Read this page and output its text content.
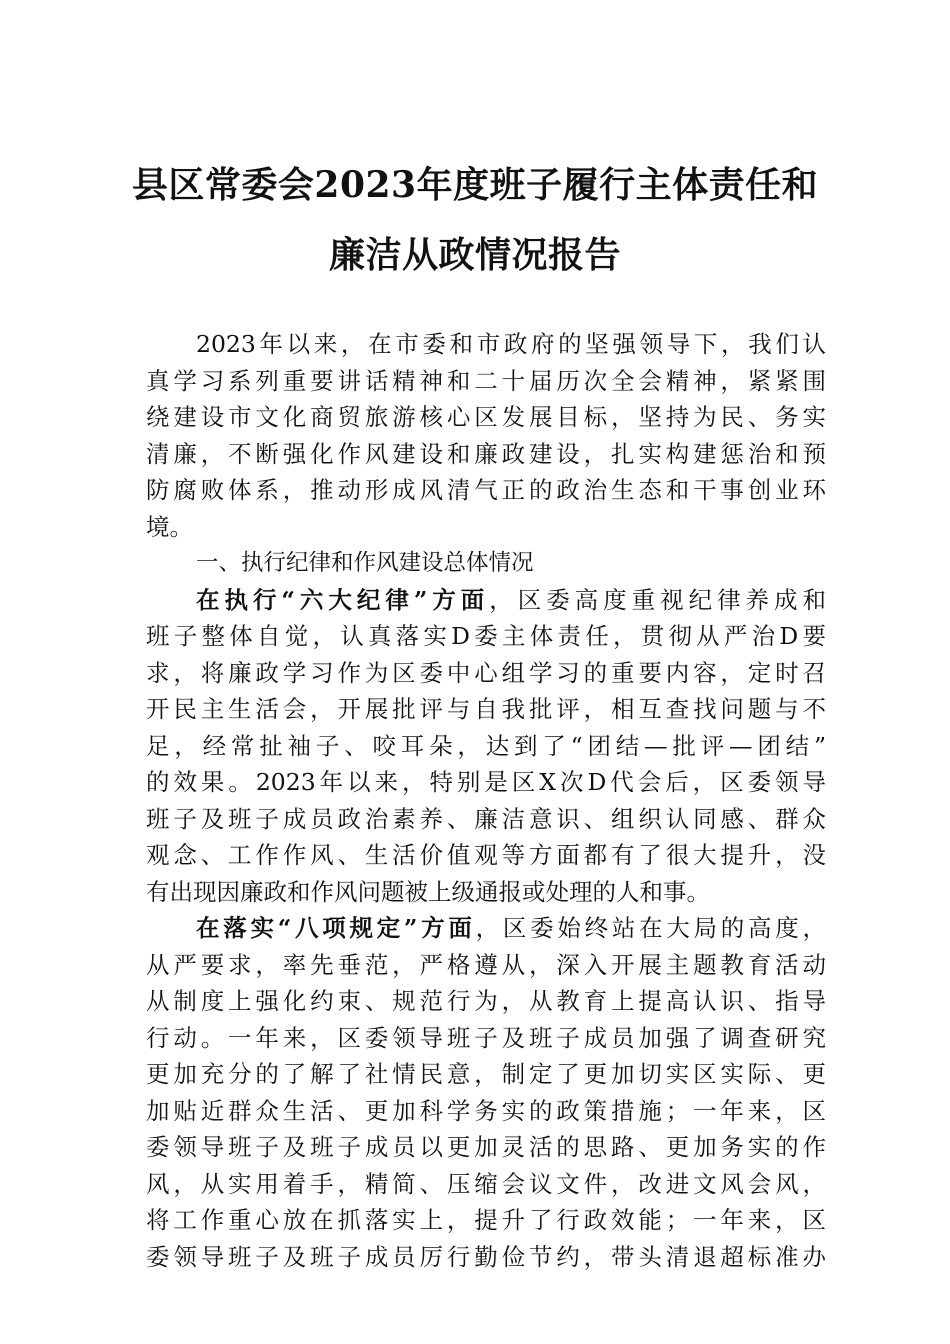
县区常委会2023年度班子履行主体责任和
廉洁从政情况报告
2023年以来，在市委和市政府的坚强领导下，我们认
真学习系列重要讲话精神和二十届历次全会精神，紧紧围
绕建设市文化商贸旅游核心区发展目标，坚持为民、务实
清廉，不断强化作风建设和廉政建设，扎实构建惩治和预
防腐败体系，推动形成风清气正的政治生态和干事创业环
境。
一、执行纪律和作风建设总体情况
在执行“六大纪律”方面，区委高度重视纪律养成和
班子整体自觉，认真落实D委主体责任，贯彻从严治D要
求，将廉政学习作为区委中心组学习的重要内容，定时召
开民主生活会，开展批评与自我批评，相互查找问题与不
足，经常扯袖子、咬耳朵，达到了“团结—批评—团结”
的效果。2023年以来，特别是区X次D代会后，区委领导
班子及班子成员政治素养、廉洁意识、组织认同感、群众
观念、工作作风、生活价值观等方面都有了很大提升，没
有出现因廉政和作风问题被上级通报或处理的人和事。
在落实“八项规定”方面，区委始终站在大局的高度，
从严要求，率先垂范，严格遵从，深入开展主题教育活动
从制度上强化约束、规范行为，从教育上提高认识、指导
行动。一年来，区委领导班子及班子成员加强了调查研究
更加充分的了解了社情民意，制定了更加切实区实际、更
加贴近群众生活、更加科学务实的政策措施；一年来，区
委领导班子及班子成员以更加灵活的思路、更加务实的作
风，从实用着手，精简、压缩会议文件，改进文风会风，
将工作重心放在抓落实上，提升了行政效能；一年来，区
委领导班子及班子成员厉行勤俭节约，带头清退超标准办
